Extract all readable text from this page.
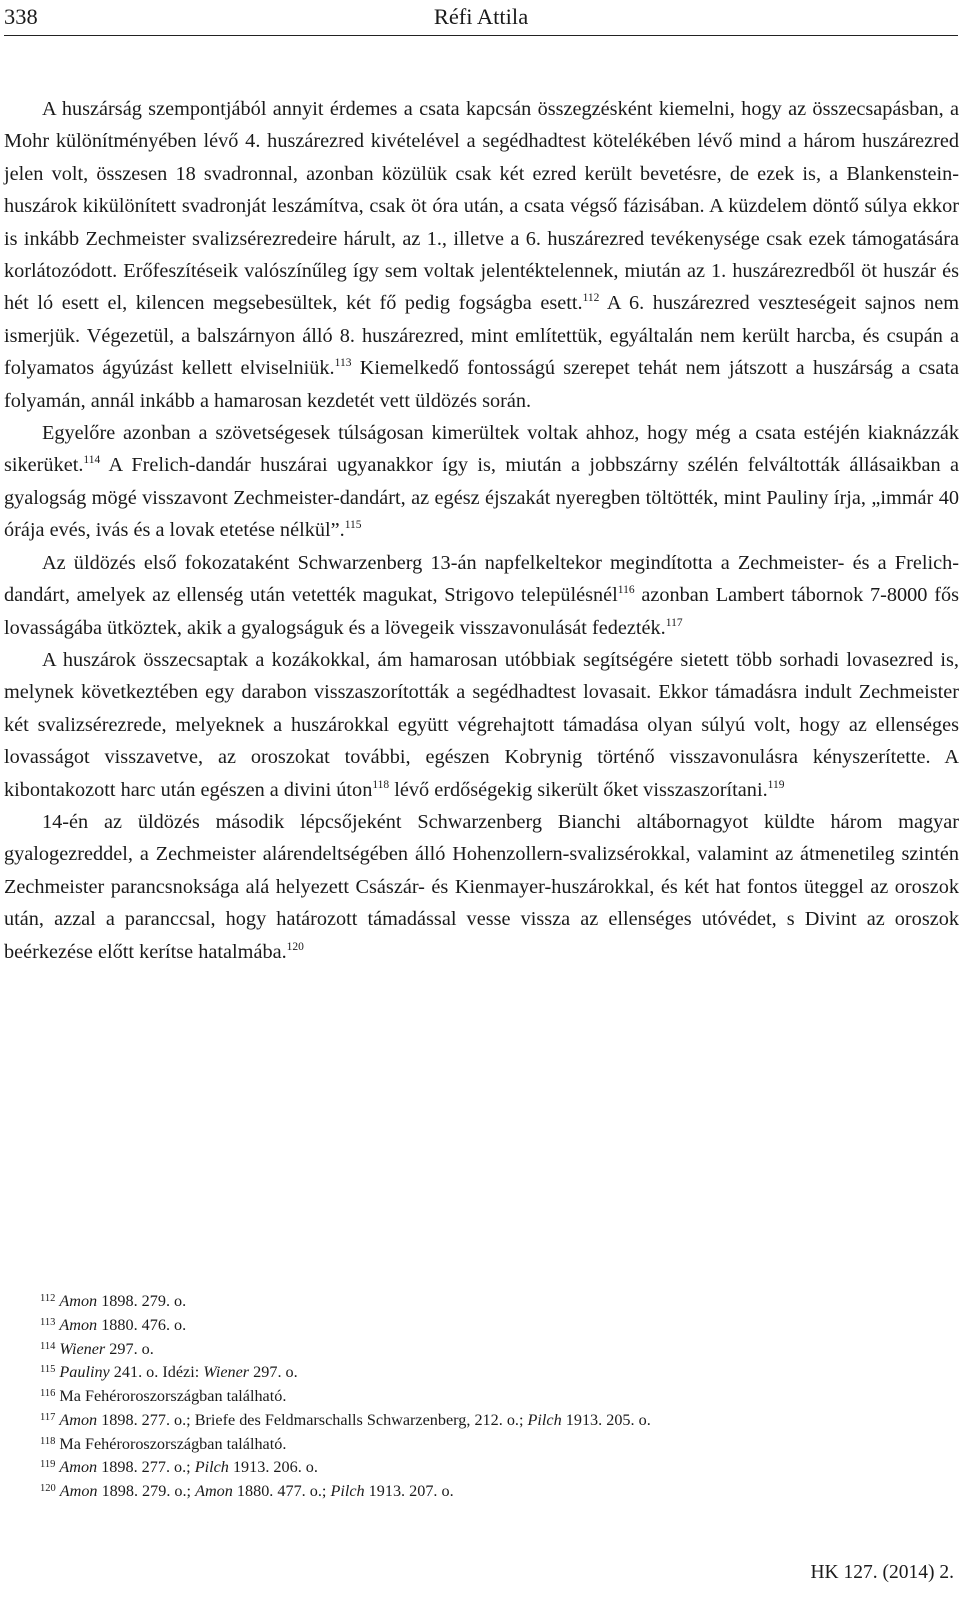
338	Réfi Attila

A huszárság szempontjából annyit érdemes a csata kapcsán összegzésként kiemelni, hogy az összecsapásban, a Mohr különítményében lévő 4. huszárezred kivételével a segédhadtest kötelékében lévő mind a három huszárezred jelen volt, összesen 18 svadronnal, azonban közülük csak két ezred került bevetésre, de ezek is, a Blankenstein-huszárok kikülönített svadronját leszámítva, csak öt óra után, a csata végső fázisában. A küzdelem döntő súlya ekkor is inkább Zechmeister svalizsérezredeire hárult, az 1., illetve a 6. huszárezred tevékenysége csak ezek támogatására korlátozódott. Erőfeszítéseik valószínűleg így sem voltak jelentéktelennek, miután az 1. huszárezredből öt huszár és hét ló esett el, kilencen megsebesültek, két fő pedig fogságba esett.$^{112}$ A 6. huszárezred veszteségeit sajnos nem ismerjük. Végezetül, a balszárnyon álló 8. huszárezred, mint említettük, egyáltalán nem került harcba, és csupán a folyamatos ágyúzást kellett elviselniük.$^{113}$ Kiemelkedő fontosságú szerepet tehát nem játszott a huszárság a csata folyamán, annál inkább a hamarosan kezdetét vett üldözés során.

Egyelőre azonban a szövetségesek túlságosan kimerültek voltak ahhoz, hogy még a csata estéjén kiaknázzák sikerüket.$^{114}$ A Frelich-dandár huszárai ugyanakkor így is, miután a jobbszárny szélén felváltották állásaikban a gyalogság mögé visszavont Zechmeister-dandárt, az egész éjszakát nyeregben töltötték, mint Pauliny írja, „immár 40 órája evés, ivás és a lovak etetése nélkül”.$^{115}$

Az üldözés első fokozataként Schwarzenberg 13-án napfelkeltekor megindította a Zechmeister- és a Frelich-dandárt, amelyek az ellenség után vetették magukat, Strigovo településnél$^{116}$ azonban Lambert tábornok 7-8000 fős lovasságába ütköztek, akik a gyalogságuk és a lövegeik visszavonulását fedezték.$^{117}$

A huszárok összecsaptak a kozákokkal, ám hamarosan utóbbiak segítségére sietett több sorhadi lovasezred is, melynek következtében egy darabon visszaszorították a segédhadtest lovasait. Ekkor támadásra indult Zechmeister két svalizsérezrede, melyeknek a huszárokkal együtt végrehajtott támadása olyan súlyú volt, hogy az ellenséges lovasságot visszavetve, az oroszokat további, egészen Kobrynig történő visszavonulásra kényszerítette. A kibontakozott harc után egészen a divini úton$^{118}$ lévő erdőségekig sikerült őket visszaszorítani.$^{119}$

14-én az üldözés második lépcsőjeként Schwarzenberg Bianchi altábornagyot küldte három magyar gyalogezreddel, a Zechmeister alárendeltségében álló Hohenzollern-svalizsérokkal, valamint az átmenetileg szintén Zechmeister parancsnoksága alá helyezett Császár- és Kienmayer-huszárokkal, és két hat fontos üteggel az oroszok után, azzal a paranccsal, hogy határozott támadással vesse vissza az ellenséges utóvédet, s Divint az oroszok beérkezése előtt kerítse hatalmába.$^{120}$

$^{112}$ Amon 1898. 279. o.
$^{113}$ Amon 1880. 476. o.
$^{114}$ Wiener 297. o.
$^{115}$ Pauliny 241. o. Idézi: Wiener 297. o.
$^{116}$ Ma Fehéroroszországban található.
$^{117}$ Amon 1898. 277. o.; Briefe des Feldmarschalls Schwarzenberg, 212. o.; Pilch 1913. 205. o.
$^{118}$ Ma Fehéroroszországban található.
$^{119}$ Amon 1898. 277. o.; Pilch 1913. 206. o.
$^{120}$ Amon 1898. 279. o.; Amon 1880. 477. o.; Pilch 1913. 207. o.
HK 127. (2014) 2.
